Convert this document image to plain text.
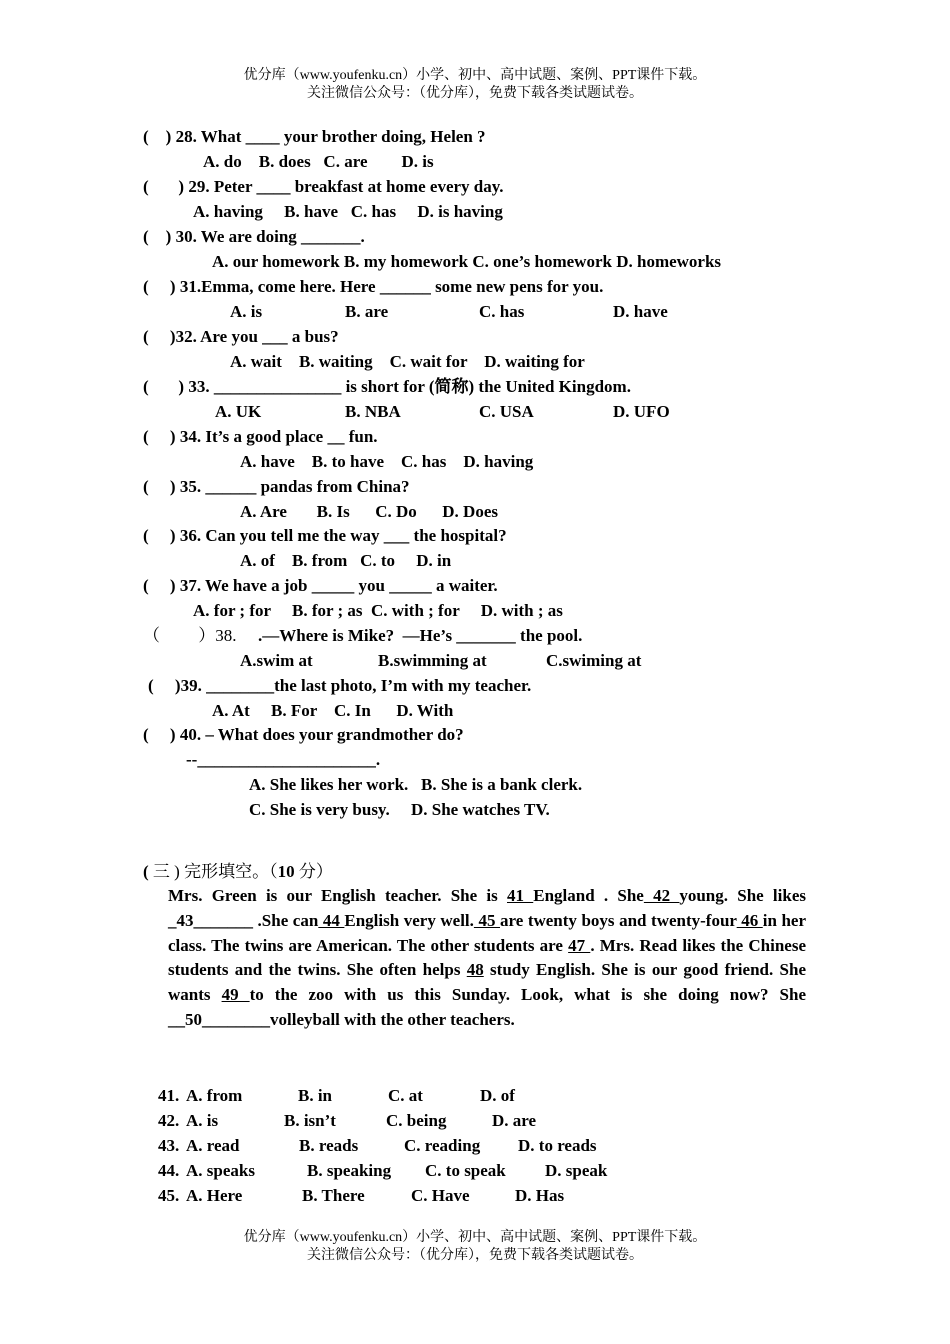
优分库（www.youfenku.cn）小学、初中、高中试题、案例、PPT课件下载。
关注微信公众号：（优分库），免费下载各类试题试卷。
(    ) 28. What ____ your brother doing, Helen ?
A. do    B. does   C. are        D. is
(       ) 29. Peter ____ breakfast at home every day.
A. having     B. have   C. has     D. is having
(    ) 30. We are doing _______.
A. our homework B. my homework C. one’s homework D. homeworks
(     ) 31.Emma, come here. Here ______ some new pens for you.
A. is	B. are	C. has	D. have
(     )32. Are you ___ a bus?
A. wait    B. waiting    C. wait for    D. waiting for
(       ) 33. _______________ is short for (简称) the United Kingdom.
A. UK	B. NBA	C. USA	D. UFO
(     ) 34. It’s a good place __ fun.
A. have    B. to have    C. has    D. having
(     ) 35. ______ pandas from China?
A. Are       B. Is      C. Do      D. Does
(     ) 36. Can you tell me the way ___ the hospital?
A. of    B. from   C. to     D. in
(     ) 37. We have a job _____ you _____ a waiter.
A. for ; for     B. for ; as  C. with ; for     D. with ; as
（         ）38. .—Where is Mike?  —He’s _______ the pool.
A.swim at	B.swimming at	C.swiming at
(     )39. ________the last photo, I’m with my teacher.
A. At     B. For    C. In      D. With
(     ) 40. – What does your grandmother do?
--_____________________.
A. She likes her work.   B. She is a bank clerk.
C. She is very busy.     D. She watches TV.
( 三 ) 完形填空。（10 分）
Mrs. Green is our English teacher. She is 41 England . She 42 young. She likes _43_______ .She can 44 English very well. 45 are twenty boys and twenty-four 46 in her class. The twins are American. The other students are 47 . Mrs. Read likes the Chinese students and the twins. She often helps 48 study English. She is our good friend. She wants 49 to the zoo with us this Sunday. Look, what is she doing now? She __50________volleyball with the other teachers.
41. A. from	B. in	C. at	D. of
42. A. is	B. isn’t	C. being	D. are
43. A. read	B. reads	C. reading D. to reads
44. A. speaks	B. speaking C. to speak D. speak
45. A. Here	B. There	C. Have	D. Has
优分库（www.youfenku.cn）小学、初中、高中试题、案例、PPT课件下载。
关注微信公众号：（优分库），免费下载各类试题试卷。
